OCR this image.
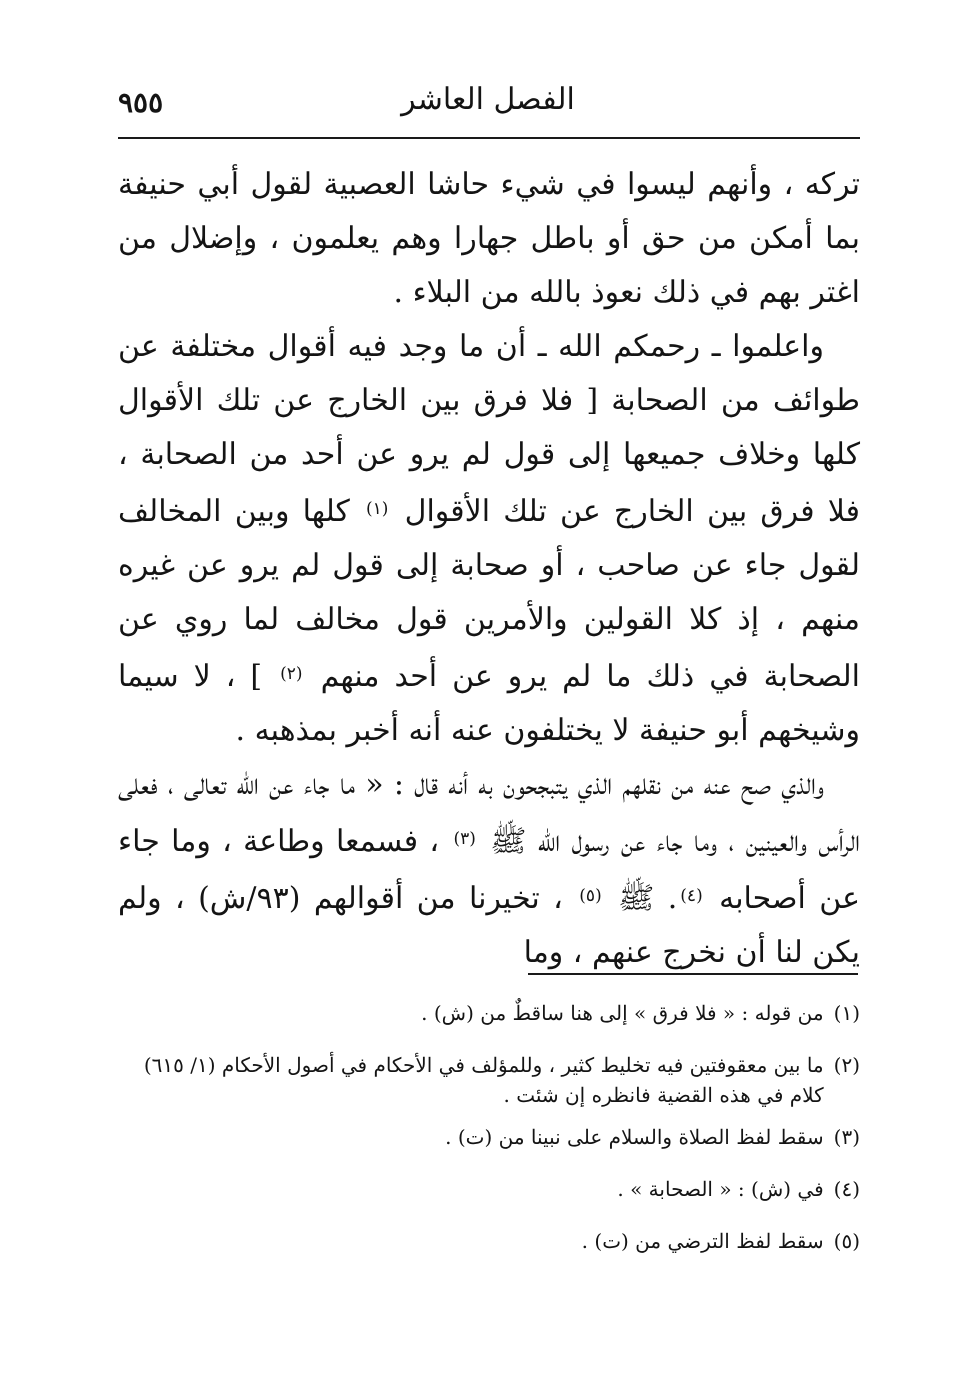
الفصل العاشر
٩٥٥

تركه ، وأنهم ليسوا في شيء حاشا العصبية لقول أبي حنيفة بما أمكن من حق أو باطل جهارا وهم يعلمون ، وإضلال من اغتر بهم في ذلك نعوذ بالله من البلاء .

واعلموا ـ رحمكم الله ـ أن ما وجد فيه أقوال مختلفة عن طوائف من الصحابة [ فلا فرق بين الخارج عن تلك الأقوال كلها وخلاف جميعها إلى قول لم يرو عن أحد من الصحابة ، فلا فرق بين الخارج عن تلك الأقوال $^{(١)}$ كلها وبين المخالف لقول جاء عن صاحب ، أو صحابة إلى قول لم يرو عن غيره منهم ، إذ كلا القولين والأمرين قول مخالف لما روي عن الصحابة في ذلك ما لم يرو عن أحد منهم $^{(٢)}$ ] ، لا سيما وشيخهم أبو حنيفة لا يختلفون عنه أنه أخبر بمذهبه .

والذي صح عنه من نقلهم الذي يتبجحون به أنه قال : « ما جاء عن الله تعالى ، فعلى الرأس والعينين ، وما جاء عن رسول الله ﷺ $^{(٣)}$ ، فسمعا وطاعة ، وما جاء عن أصحابه $^{(٤)}$. ﷺ $^{(٥)}$ ، تخيرنا من أقوالهم (٩٣/ش) ، ولم يكن لنا أن نخرج عنهم ، وما

(١)
من قوله : « فلا فرق » إلى هنا ساقطٌ من (ش) .
(٢)
ما بين معقوفتين فيه تخليط كثير ، وللمؤلف في الأحكام في أصول الأحكام (١/ ٦١٥) كلام في هذه القضية فانظره إن شئت .
(٣)
سقط لفظ الصلاة والسلام على نبينا من (ت) .
(٤)
في (ش) : « الصحابة » .
(٥)
سقط لفظ الترضي من (ت) .
